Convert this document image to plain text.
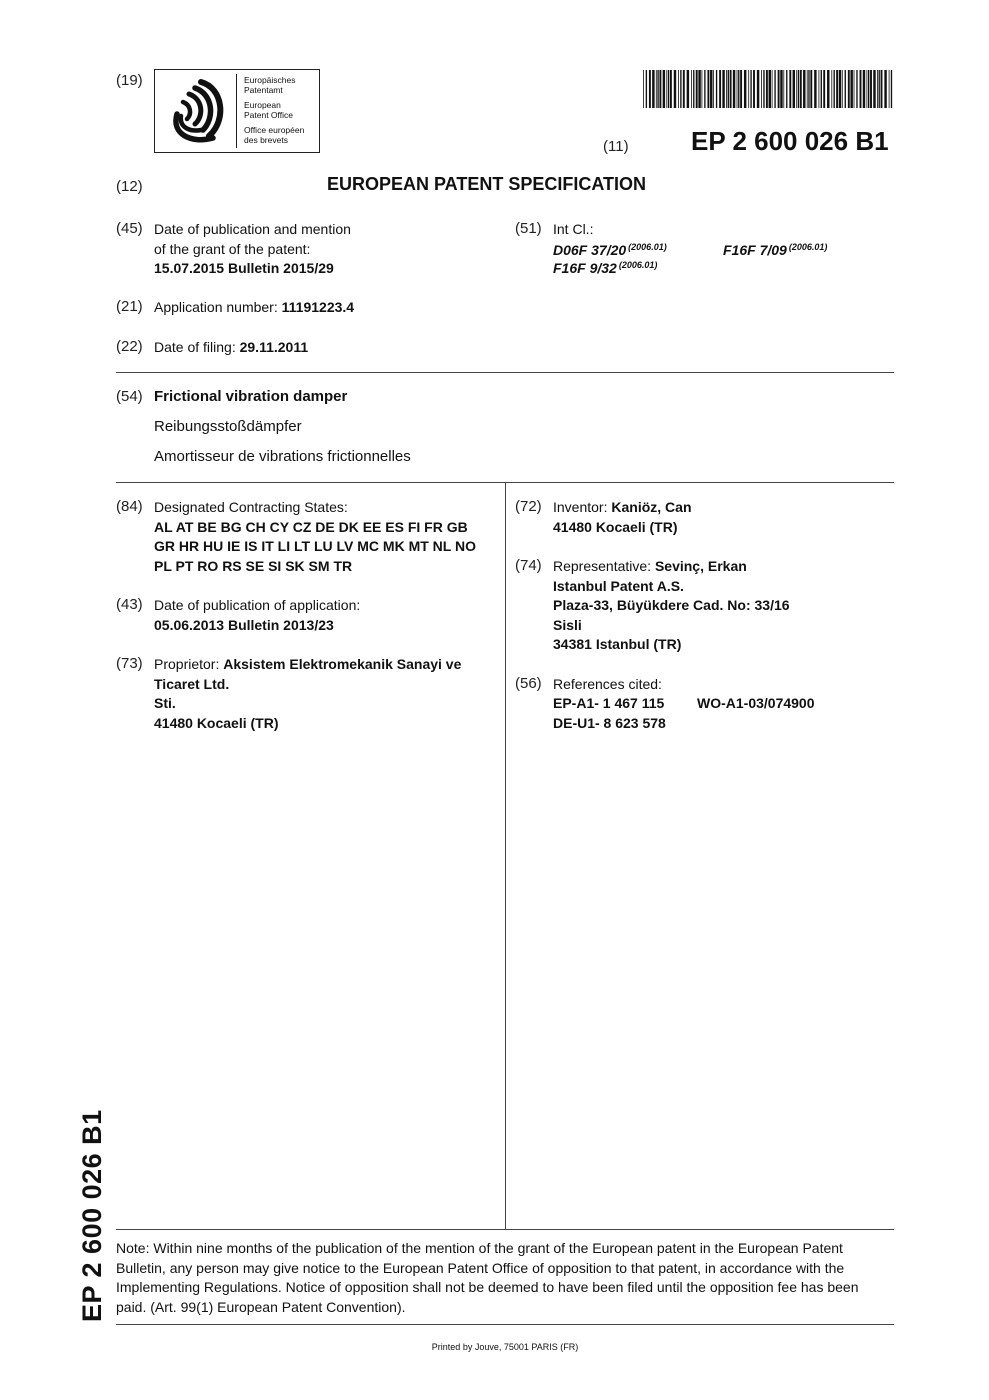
(19)	Europäisches
Patentamt
European
Patent Office
Office européen
des brevets	(11) EP 2 600 026 B1
(12)	EUROPEAN PATENT SPECIFICATION
(45) Date of publication and mention
of the grant of the patent:
15.07.2015 Bulletin 2015/29
(51) Int Cl.:
D06F 37/20 $^{(2006.01)}$	F16F 7/09 $^{(2006.01)}$
F16F 9/32 $^{(2006.01)}$
(21) Application number: 11191223.4
(22) Date of filing: 29.11.2011
(54) Frictional vibration damper
Reibungsstoßdämpfer
Amortisseur de vibrations frictionnelles
(84) Designated Contracting States:
AL AT BE BG CH CY CZ DE DK EE ES FI FR GB
GR HR HU IE IS IT LI LT LU LV MC MK MT NL NO
PL PT RO RS SE SI SK SM TR
(43) Date of publication of application:
05.06.2013 Bulletin 2013/23
(73) Proprietor: Aksistem Elektromekanik Sanayi ve
Ticaret Ltd.
Sti.
41480 Kocaeli (TR)
(72) Inventor: Kaniöz, Can
41480 Kocaeli (TR)
(74) Representative: Sevinç, Erkan
Istanbul Patent A.S.
Plaza-33, Büyükdere Cad. No: 33/16
Sisli
34381 Istanbul (TR)
(56) References cited:
EP-A1- 1 467 115 WO-A1-03/074900
DE-U1- 8 623 578
EP 2 600 026 B1 Note: Within nine months of the publication of the mention of the grant of the European patent in the European Patent
Bulletin, any person may give notice to the European Patent Office of opposition to that patent, in accordance with the
Implementing Regulations. Notice of opposition shall not be deemed to have been filed until the opposition fee has been
paid. (Art. 99(1) European Patent Convention).
Printed by Jouve, 75001 PARIS (FR)
